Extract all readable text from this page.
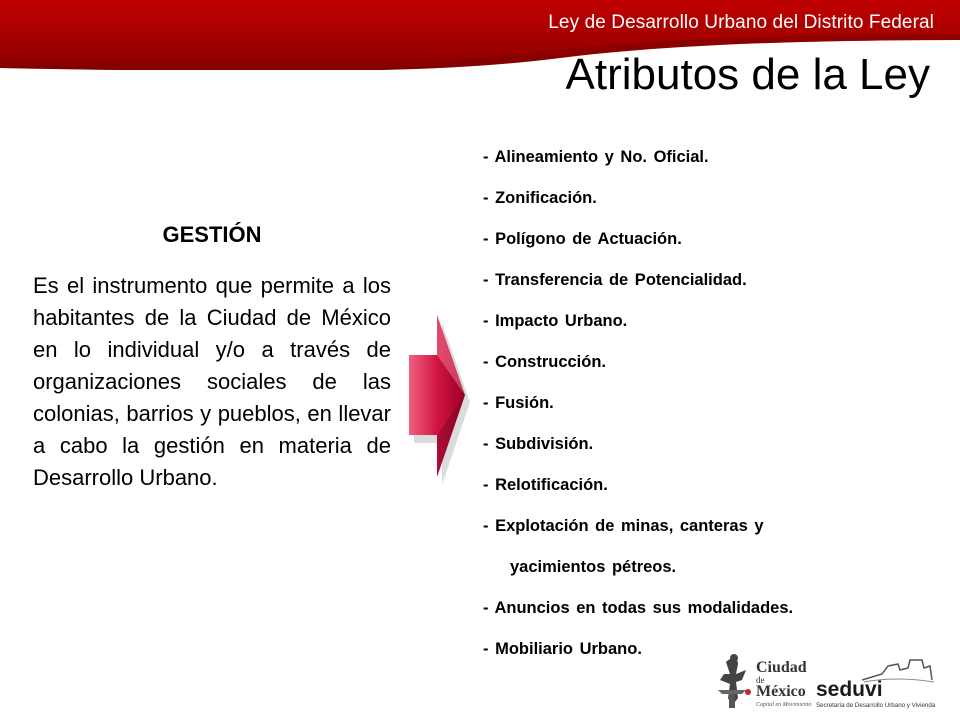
Ley de Desarrollo Urbano del Distrito Federal
Atributos de la Ley

GESTIÓN

Es el instrumento que permite a los habitantes de la Ciudad de México en lo individual y/o a través de organizaciones sociales de las colonias, barrios y pueblos, en llevar a cabo la gestión en materia de Desarrollo Urbano.

- Alineamiento y No. Oficial.
- Zonificación.
- Polígono de Actuación.
- Transferencia de Potencialidad.
- Impacto Urbano.
- Construcción.
- Fusión.
- Subdivisión.
- Relotificación.
- Explotación de minas, canteras y
yacimientos pétreos.
- Anuncios en todas sus modalidades.
- Mobiliario Urbano.
Ciudad
de
México
Capital en Movimiento
seduvi
Secretaría de Desarrollo Urbano y Vivienda
